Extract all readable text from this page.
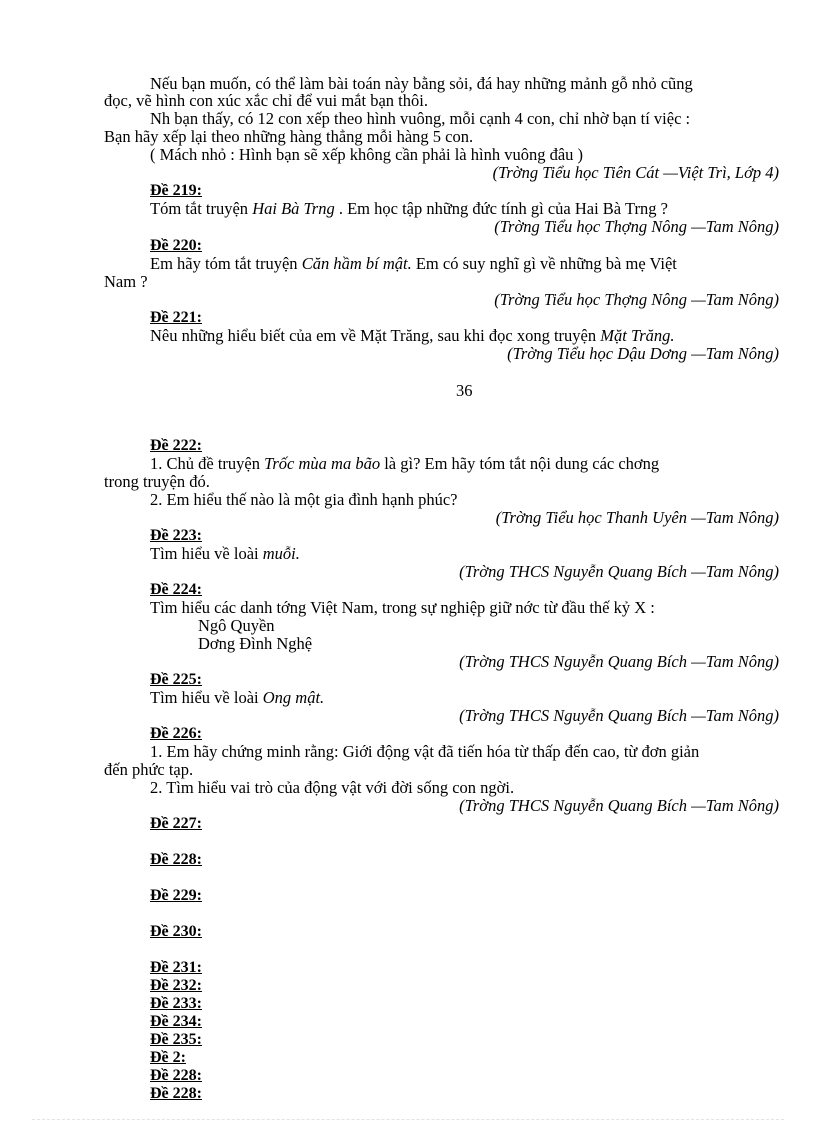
Nếu bạn muốn, có thể làm bài toán này bằng sỏi, đá hay những mảnh gỗ nhỏ cũng
đọc, vẽ hình con xúc xắc chỉ để vui mắt bạn thôi.
Nh bạn thấy, có 12 con xếp theo hình vuông, mỗi cạnh 4 con, chỉ nhờ bạn tí việc :
Bạn hãy xếp lại theo những hàng thẳng mỗi hàng 5 con.
( Mách nhỏ : Hình bạn sẽ xếp không cần phải là hình vuông đâu )
(Trờng Tiểu học Tiên Cát —Việt Trì, Lớp 4)
Đề 219:
Tóm tắt truyện Hai Bà Trng . Em học tập những đức tính gì của Hai Bà Trng ?
(Trờng Tiểu học Thợng Nông —Tam Nông)
Đề 220:
Em hãy tóm tắt truyện Căn hầm bí mật. Em có suy nghĩ gì về những bà mẹ Việt
Nam ?
(Trờng Tiểu học Thợng Nông —Tam Nông)
Đề 221:
Nêu những hiểu biết của em về Mặt Trăng, sau khi đọc xong truyện Mặt Trăng.
(Trờng Tiểu học Dậu Dơng —Tam Nông)
36
Đề 222:
1. Chủ đề truyện Trốc mùa ma bão là gì? Em hãy tóm tắt nội dung các chơng
trong truyện đó.
2. Em hiểu thế nào là một gia đình hạnh phúc?
(Trờng Tiểu học Thanh Uyên —Tam Nông)
Đề 223:
Tìm hiểu về loài muỗi.
(Trờng THCS Nguyễn Quang Bích —Tam Nông)
Đề 224:
Tìm hiểu các danh tớng Việt Nam, trong sự nghiệp giữ nớc từ đầu thế kỷ X :
Ngô Quyền
Dơng Đình Nghệ
(Trờng THCS Nguyễn Quang Bích —Tam Nông)
Đề 225:
Tìm hiểu về loài Ong mật.
(Trờng THCS Nguyễn Quang Bích —Tam Nông)
Đề 226:
1. Em hãy chứng minh rằng: Giới động vật đã tiến hóa từ thấp đến cao, từ đơn giản
đến phức tạp.
2. Tìm hiểu vai trò của động vật với đời sống con ngời.
(Trờng THCS Nguyễn Quang Bích —Tam Nông)
Đề 227:
Đề 228:
Đề 229:
Đề 230:
Đề 231:
Đề 232:
Đề 233:
Đề 234:
Đề 235:
Đề 2:
Đề 228:
Đề 228:
